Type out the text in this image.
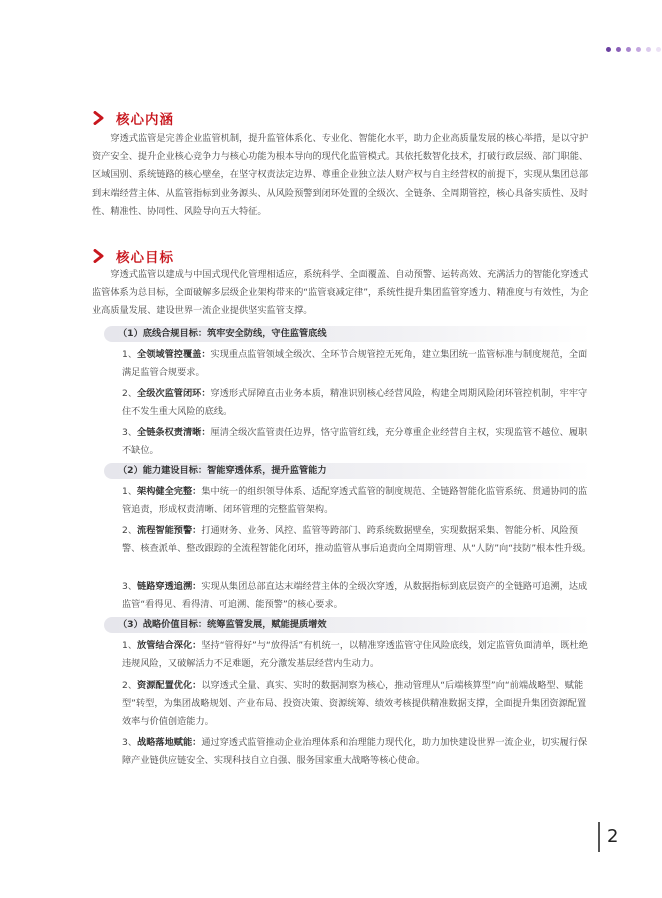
核心内涵

穿透式监管是完善企业监管机制，提升监管体系化、专业化、智能化水平，助力企业高质量发展的核心举措，是以守护资产安全、提升企业核心竞争力与核心功能为根本导向的现代化监管模式。其依托数智化技术，打破行政层级、部门职能、区域国别、系统链路的核心壁垒，在坚守权责法定边界、尊重企业独立法人财产权与自主经营权的前提下，实现从集团总部到末端经营主体、从监管指标到业务源头、从风险预警到闭环处置的全级次、全链条、全周期管控，核心具备实质性、及时性、精准性、协同性、风险导向五大特征。

核心目标

穿透式监管以建成与中国式现代化管理相适应，系统科学、全面覆盖、自动预警、运转高效、充满活力的智能化穿透式监管体系为总目标，全面破解多层级企业架构带来的“监管衰减定律”，系统性提升集团监管穿透力、精准度与有效性，为企业高质量发展、建设世界一流企业提供坚实监管支撑。

（1）底线合规目标：筑牢安全防线，守住监管底线

1、全领域管控覆盖：实现重点监管领域全级次、全环节合规管控无死角，建立集团统一监管标准与制度规范，全面满足监管合规要求。

2、全级次监管闭环：穿透形式屏障直击业务本质，精准识别核心经营风险，构建全周期风险闭环管控机制，牢牢守住不发生重大风险的底线。

3、全链条权责清晰：厘清全级次监管责任边界，恪守监管红线，充分尊重企业经营自主权，实现监管不越位、履职不缺位。

（2）能力建设目标：智能穿透体系，提升监管能力

1、架构健全完整：集中统一的组织领导体系、适配穿透式监管的制度规范、全链路智能化监管系统、贯通协同的监管追责，形成权责清晰、闭环管理的完整监管架构。

2、流程智能预警：打通财务、业务、风控、监管等跨部门、跨系统数据壁垒，实现数据采集、智能分析、风险预警、核查派单、整改跟踪的全流程智能化闭环，推动监管从事后追责向全周期管理、从“人防”向“技防”根本性升级。

3、链路穿透追溯：实现从集团总部直达末端经营主体的全级次穿透，从数据指标到底层资产的全链路可追溯，达成监管“看得见、看得清、可追溯、能预警”的核心要求。

（3）战略价值目标：统筹监管发展，赋能提质增效

1、放管结合深化：坚持“管得好”与“放得活”有机统一，以精准穿透监管守住风险底线，划定监管负面清单，既杜绝违规风险，又破解活力不足难题，充分激发基层经营内生动力。

2、资源配置优化：以穿透式全量、真实、实时的数据洞察为核心，推动管理从“后端核算型”向“前端战略型、赋能型”转型，为集团战略规划、产业布局、投资决策、资源统筹、绩效考核提供精准数据支撑，全面提升集团资源配置效率与价值创造能力。

3、战略落地赋能：通过穿透式监管推动企业治理体系和治理能力现代化，助力加快建设世界一流企业，切实履行保障产业链供应链安全、实现科技自立自强、服务国家重大战略等核心使命。

2
